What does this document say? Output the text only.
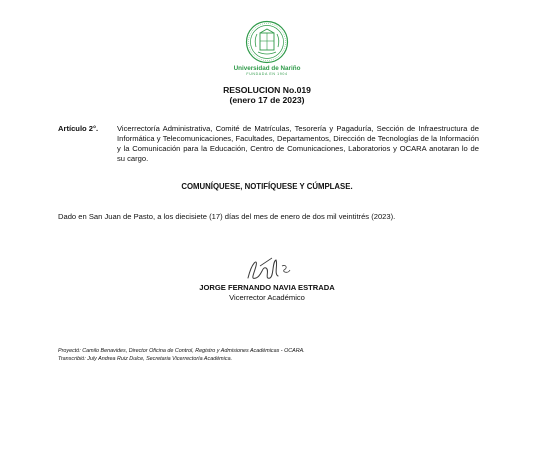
Universidad de Nariño
FUNDADA EN 1904
RESOLUCION No.019
(enero 17 de 2023)
Artículo 2°. Vicerrectoría Administrativa, Comité de Matrículas, Tesorería y Pagaduría, Sección de Infraestructura de Informática y Telecomunicaciones, Facultades, Departamentos, Dirección de Tecnologías de la Información y la Comunicación para la Educación, Centro de Comunicaciones, Laboratorios y OCARA anotaran lo de su cargo.
COMUNÍQUESE, NOTIFÍQUESE Y CÚMPLASE.
Dado en San Juan de Pasto, a los diecisiete (17) días del mes de enero de dos mil veintitrés (2023).
JORGE FERNANDO NAVIA ESTRADA
Vicerrector Académico
Proyectó: Camilo Benavides, Director Oficina de Control, Registro y Admisiones Académicas - OCARA.
Transcribió: July Andrea Ruiz Dulce, Secretaria Vicerrectoría Académica.
